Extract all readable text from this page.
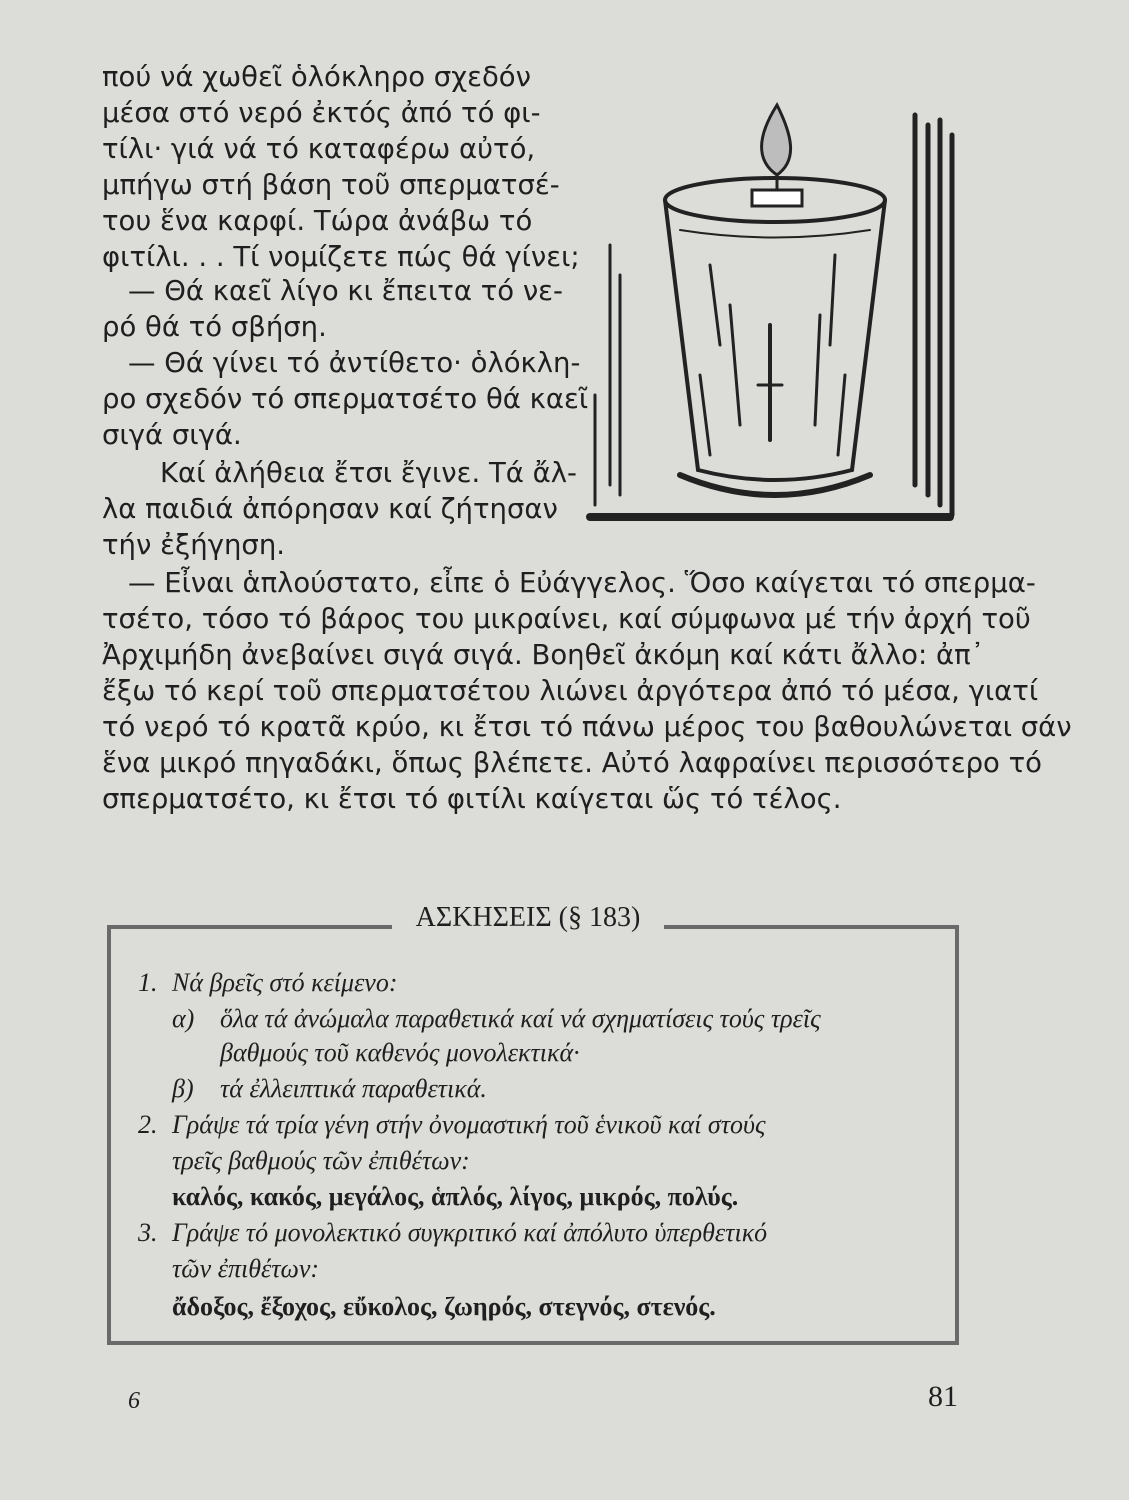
πού νά χωθεῖ ὁλόκληρο σχεδόν
μέσα στό νερό ἐκτός ἀπό τό φι-
τίλι· γιά νά τό καταφέρω αὐτό,
μπήγω στή βάση τοῦ σπερματσέ-
του ἕνα καρφί. Τώρα ἀνάβω τό
φιτίλι. . . Τί νομίζετε πώς θά γίνει;
— Θά καεῖ λίγο κι ἔπειτα τό νε-
ρό θά τό σβήση.
— Θά γίνει τό ἀντίθετο· ὁλόκλη-
ρο σχεδόν τό σπερματσέτο θά καεῖ
σιγά σιγά.
Καί ἀλήθεια ἔτσι ἔγινε. Τά ἄλ-
λα παιδιά ἀπόρησαν καί ζήτησαν
τήν ἐξήγηση.
— Εἶναι ἁπλούστατο, εἶπε ὁ Εὐάγγελος. Ὅσο καίγεται τό σπερμα-
τσέτο, τόσο τό βάρος του μικραίνει, καί σύμφωνα μέ τήν ἀρχή τοῦ
Ἀρχιμήδη ἀνεβαίνει σιγά σιγά. Βοηθεῖ ἀκόμη καί κάτι ἄλλο: ἀπ᾽
ἔξω τό κερί τοῦ σπερματσέτου λιώνει ἀργότερα ἀπό τό μέσα, γιατί
τό νερό τό κρατᾶ κρύο, κι ἔτσι τό πάνω μέρος του βαθουλώνεται σάν
ἕνα μικρό πηγαδάκι, ὅπως βλέπετε. Αὐτό λαφραίνει περισσότερο τό
σπερματσέτο, κι ἔτσι τό φιτίλι καίγεται ὥς τό τέλος.
ΑΣΚΗΣΕΙΣ (§ 183)
1. Νά βρεῖς στό κείμενο:
α) ὅλα τά ἀνώμαλα παραθετικά καί νά σχηματίσεις τούς τρεῖς
βαθμούς τοῦ καθενός μονολεκτικά·
β) τά ἐλλειπτικά παραθετικά.
2. Γράψε τά τρία γένη στήν ὀνομαστική τοῦ ἑνικοῦ καί στούς
τρεῖς βαθμούς τῶν ἐπιθέτων:
καλός, κακός, μεγάλος, ἁπλός, λίγος, μικρός, πολύς.
3. Γράψε τό μονολεκτικό συγκριτικό καί ἀπόλυτο ὑπερθετικό
τῶν ἐπιθέτων:
ἄδοξος, ἔξοχος, εὔκολος, ζωηρός, στεγνός, στενός.
6	81
